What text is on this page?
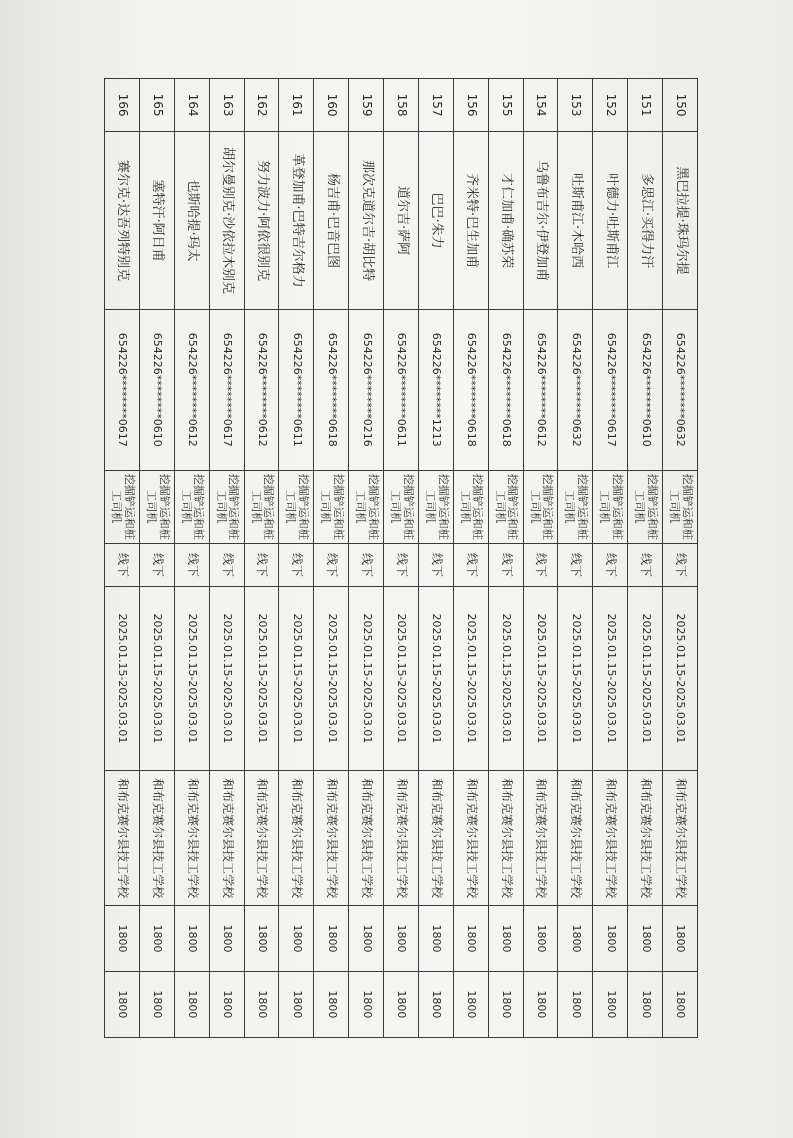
150	黑巴拉提·珠玛尔提	654226********0632	挖掘铲运和桩工司机	线下	2025.01.15-2025.03.01	和布克赛尔县技工学校	1800	1800
151	多思江·买得力汗	654226********0610	挖掘铲运和桩工司机	线下	2025.01.15-2025.03.01	和布克赛尔县技工学校	1800	1800
152	叶德力·吐斯甫江	654226********0617	挖掘铲运和桩工司机	线下	2025.01.15-2025.03.01	和布克赛尔县技工学校	1800	1800
153	吐斯甫江·木哈西	654226********0632	挖掘铲运和桩工司机	线下	2025.01.15-2025.03.01	和布克赛尔县技工学校	1800	1800
154	乌鲁布吉尔·伊登加甫	654226********0612	挖掘铲运和桩工司机	线下	2025.01.15-2025.03.01	和布克赛尔县技工学校	1800	1800
155	才仁加甫·确苏荣	654226********0618	挖掘铲运和桩工司机	线下	2025.01.15-2025.03.01	和布克赛尔县技工学校	1800	1800
156	齐米特·巴生加甫	654226********0618	挖掘铲运和桩工司机	线下	2025.01.15-2025.03.01	和布克赛尔县技工学校	1800	1800
157	巴巴·朱力	654226********1213	挖掘铲运和桩工司机	线下	2025.01.15-2025.03.01	和布克赛尔县技工学校	1800	1800
158	道尔吉·萨阿	654226********0611	挖掘铲运和桩工司机	线下	2025.01.15-2025.03.01	和布克赛尔县技工学校	1800	1800
159	那次克道尔吉·胡比特	654226********0216	挖掘铲运和桩工司机	线下	2025.01.15-2025.03.01	和布克赛尔县技工学校	1800	1800
160	杨吉甫·巴音巴图	654226********0618	挖掘铲运和桩工司机	线下	2025.01.15-2025.03.01	和布克赛尔县技工学校	1800	1800
161	革登加甫·巴特吉尔格力	654226********0611	挖掘铲运和桩工司机	线下	2025.01.15-2025.03.01	和布克赛尔县技工学校	1800	1800
162	努力波力·阿依很别克	654226********0612	挖掘铲运和桩工司机	线下	2025.01.15-2025.03.01	和布克赛尔县技工学校	1800	1800
163	胡尔曼别克·沙依拉木别克	654226********0617	挖掘铲运和桩工司机	线下	2025.01.15-2025.03.01	和布克赛尔县技工学校	1800	1800
164	也斯哈提·玛太	654226********0612	挖掘铲运和桩工司机	线下	2025.01.15-2025.03.01	和布克赛尔县技工学校	1800	1800
165	塞特汗·阿日甫	654226********0610	挖掘铲运和桩工司机	线下	2025.01.15-2025.03.01	和布克赛尔县技工学校	1800	1800
166	赛尔克·达吾列特别克	654226********0617	挖掘铲运和桩工司机	线下	2025.01.15-2025.03.01	和布克赛尔县技工学校	1800	1800
